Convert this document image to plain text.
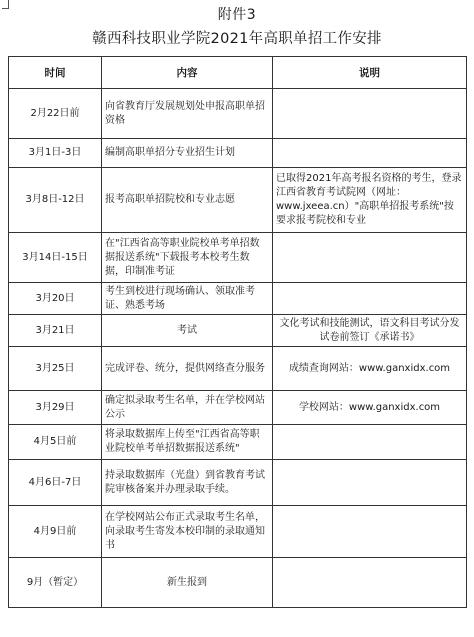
附件3
赣西科技职业学院2021年高职单招工作安排
时间	内容	说明
2月22日前	向省教育厅发展规划处申报高职单招资格	
3月1日-3日	编制高职单招分专业招生计划	
3月8日-12日	报考高职单招院校和专业志愿	已取得2021年高考报名资格的考生，登录江西省教育考试院网（网址：www.jxeea.cn）"高职单招报考系统"按要求报考院校和专业
3月14日-15日	在"江西省高等职业院校单考单招数据报送系统"下载报考本校考生数据，印制准考证	
3月20日	考生到校进行现场确认、领取准考证、熟悉考场	
3月21日	考试	文化考试和技能测试，语文科目考试分发试卷前签订《承诺书》
3月25日	完成评卷、统分，提供网络查分服务	成绩查询网站：www.ganxidx.com
3月29日	确定拟录取考生名单，并在学校网站公示	学校网站：www.ganxidx.com
4月5日前	将录取数据库上传至"江西省高等职业院校单考单招数据报送系统"	
4月6日-7日	持录取数据库（光盘）到省教育考试院审核备案并办理录取手续。	
4月9日前	在学校网站公布正式录取考生名单，向录取考生寄发本校印制的录取通知书	
9月（暂定）	新生报到	
